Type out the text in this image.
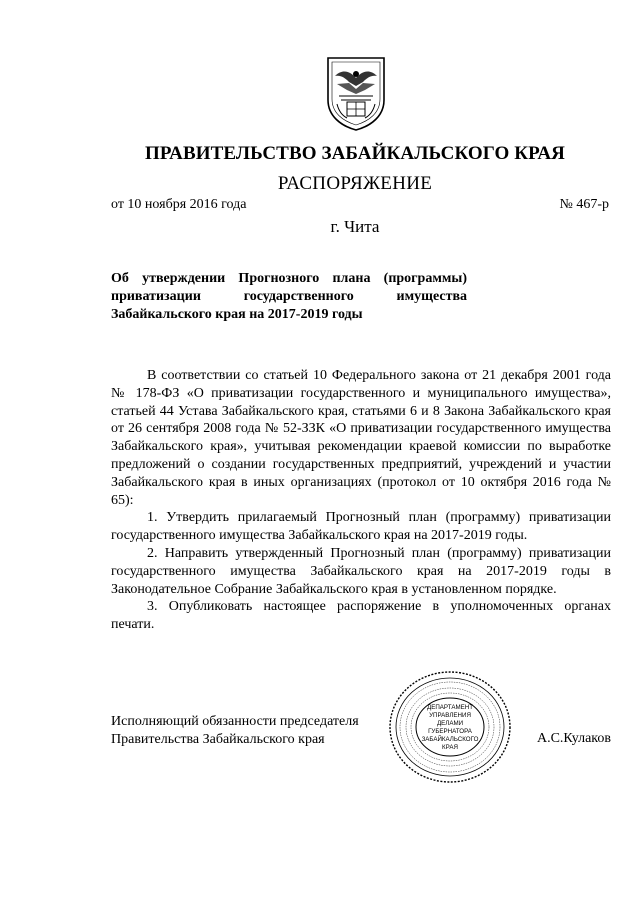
ПРАВИТЕЛЬСТВО ЗАБАЙКАЛЬСКОГО КРАЯ
РАСПОРЯЖЕНИЕ
от 10 ноября 2016 года	№ 467-р
г. Чита
Об утверждении Прогнозного плана (программы)
приватизации государственного имущества
Забайкальского края на 2017-2019 годы

В соответствии со статьей 10 Федерального закона от 21 декабря 2001 года № 178-ФЗ «О приватизации государственного и муниципального имущества», статьей 44 Устава Забайкальского края, статьями 6 и 8 Закона Забайкальского края от 26 сентября 2008 года № 52-ЗЗК «О приватизации государственного имущества Забайкальского края», учитывая рекомендации краевой комиссии по выработке предложений о создании государственных предприятий, учреждений и участии Забайкальского края в иных организациях (протокол от 10 октября 2016 года № 65):

1. Утвердить прилагаемый Прогнозный план (программу) приватизации государственного имущества Забайкальского края на 2017-2019 годы.

2. Направить утвержденный Прогнозный план (программу) приватизации государственного имущества Забайкальского края на 2017-2019 годы в Законодательное Собрание Забайкальского края в установленном порядке.

3. Опубликовать настоящее распоряжение в уполномоченных органах печати.

Исполняющий обязанности председателя
Правительства Забайкальского края
ДЕПАРТАМЕНТ
УПРАВЛЕНИЯ
ДЕЛАМИ
ГУБЕРНАТОРА
ЗАБАЙКАЛЬСКОГО
КРАЯ
А.С.Кулаков
